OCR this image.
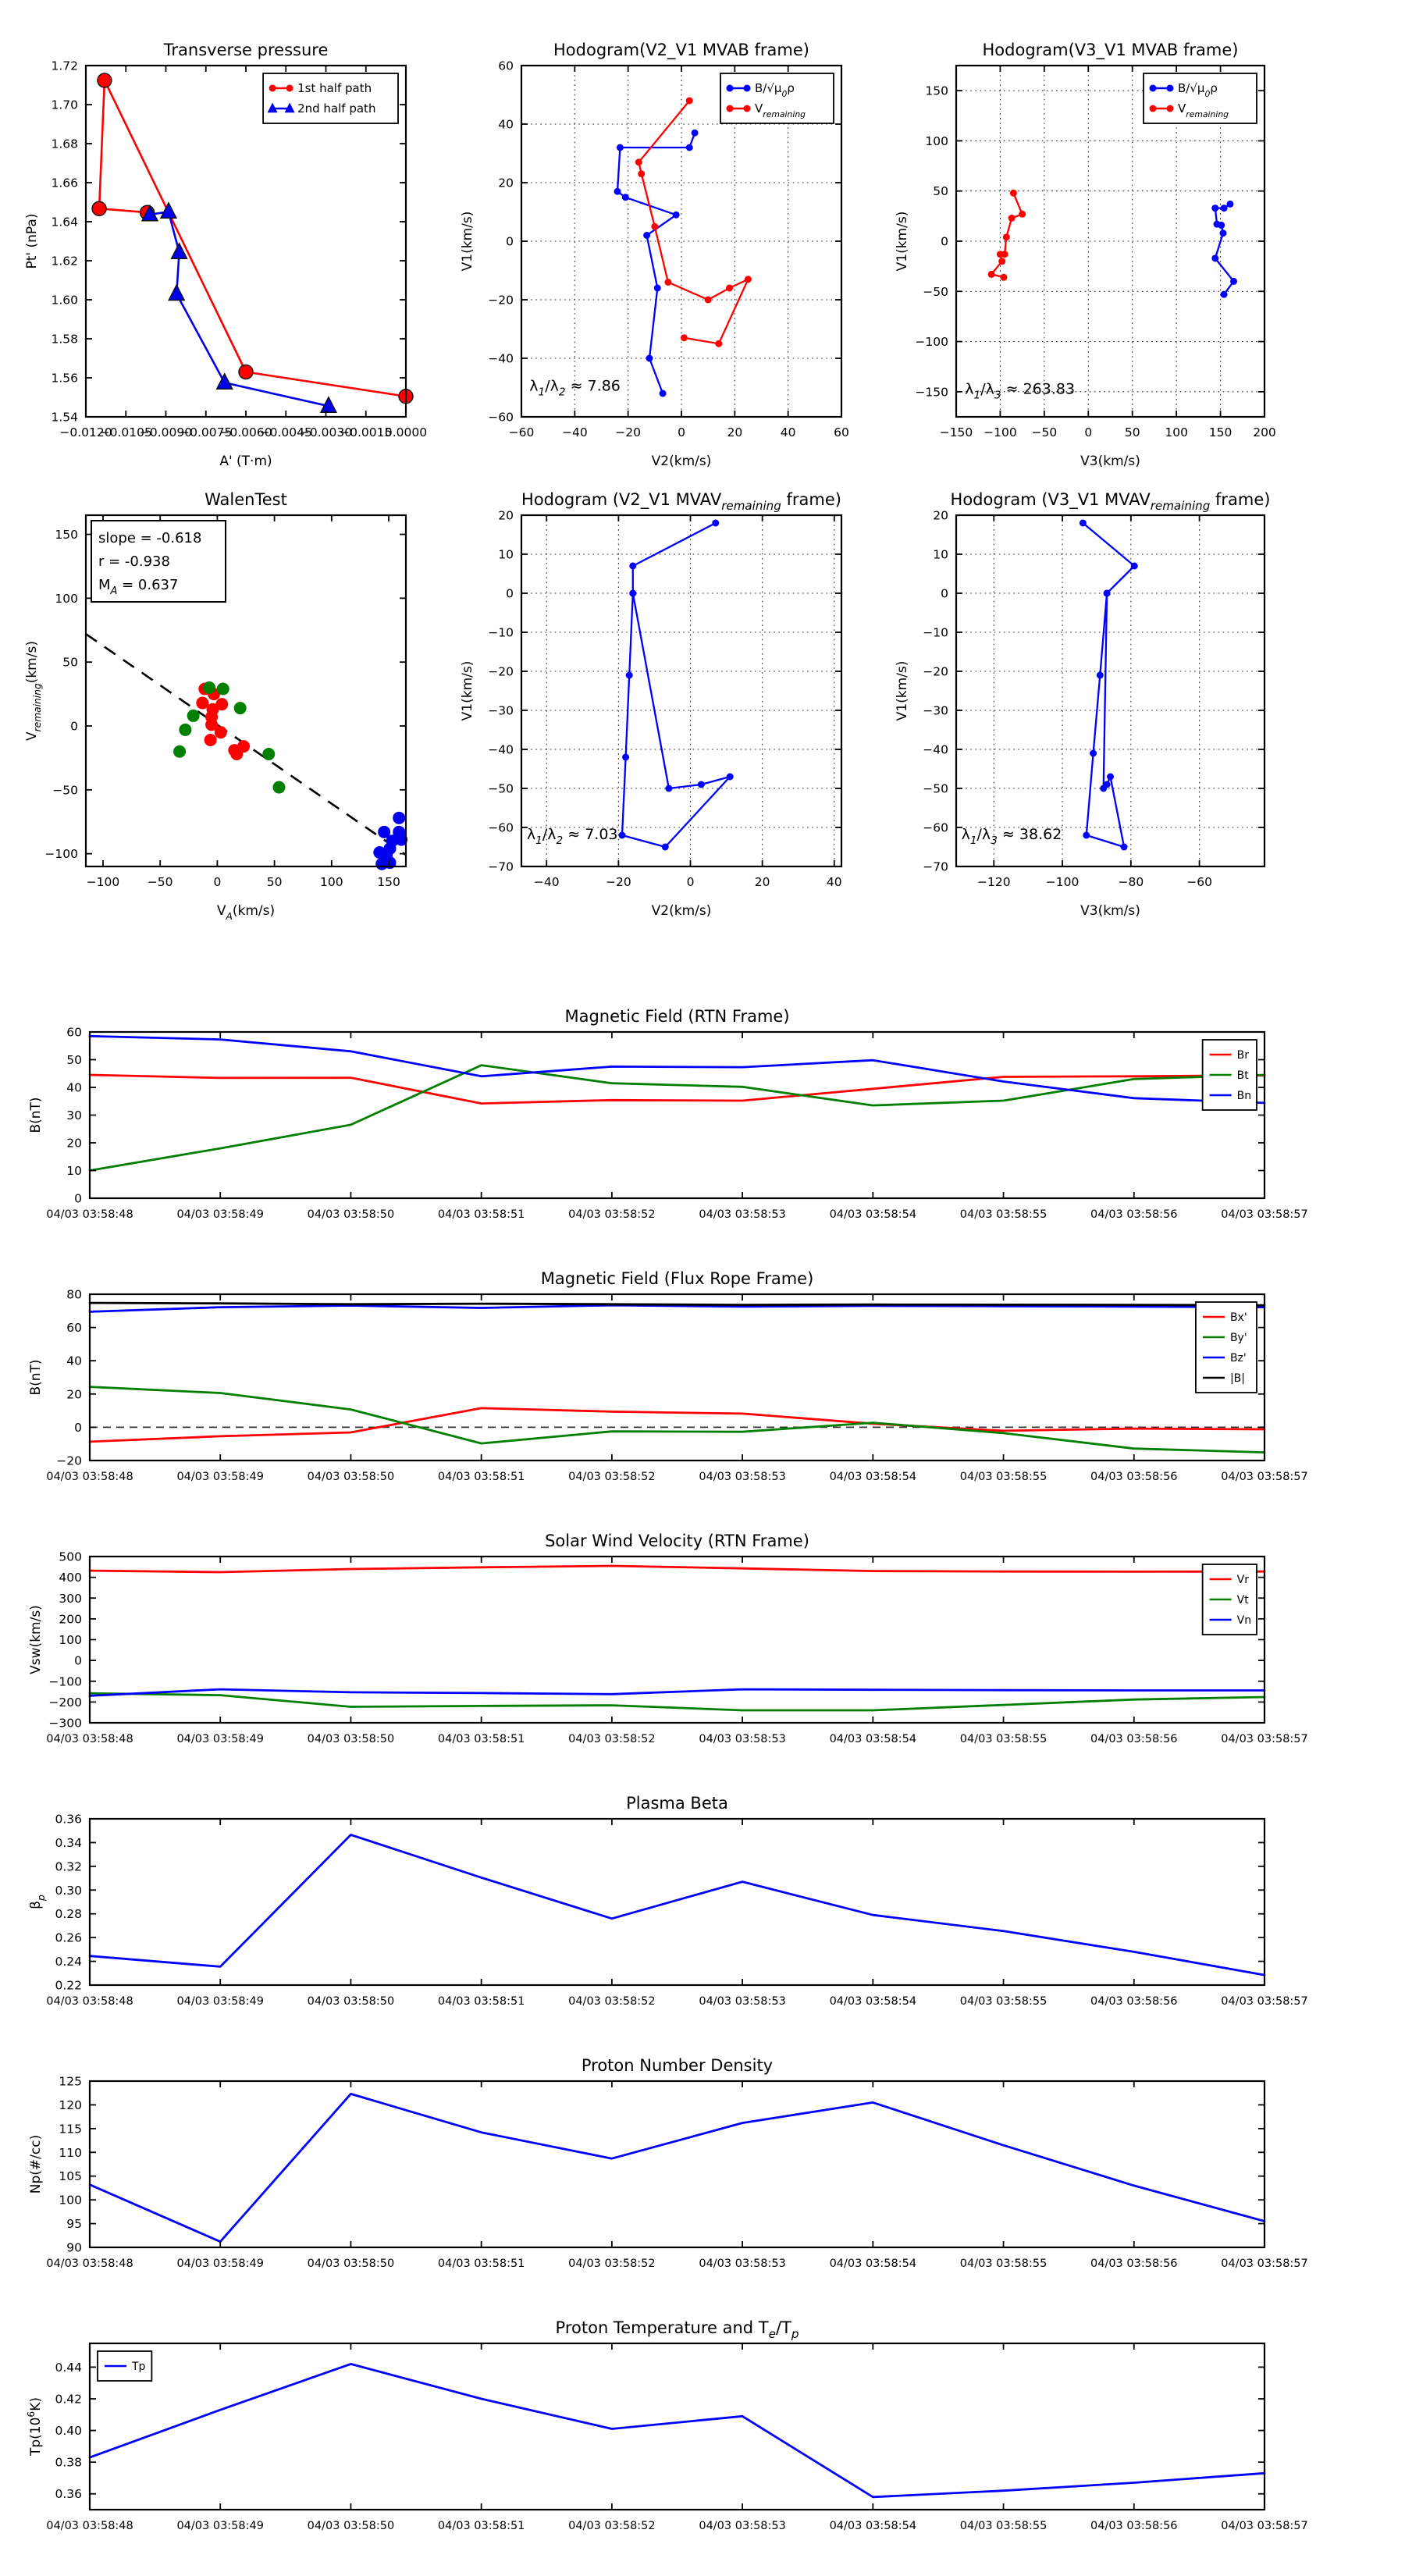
−0.0120
−0.0105
−0.0090
−0.0075
−0.0060
−0.0045
−0.0030
−0.0015
0.0000
1.54
1.56
1.58
1.60
1.62
1.64
1.66
1.68
1.70
1.72
Transverse pressure
A' (T·m)
Pt' (nPa)
1st half path
2nd half path
−60 −40 −20	0	20	40	60
−60
−40
−20
0
20
40
60
Hodogram(V2_V1 MVAB frame)
V2(km/s)
V1(km/s)
$\lambda_1/\lambda_2 \approx 7.86$
$B/√\mu_0\rho$
$V_{remaining}$
−150 −100 −50 0	50 100 150 200
−150
−100
−50
0
50
100
150
Hodogram(V3_V1 MVAB frame)
V3(km/s)
V1(km/s)
$\lambda_1/\lambda_3 \approx 263.83$
$B/√\mu_0\rho$
$V_{remaining}$
−100 −50	0	50	100	150
−100
−50
0
50
100
150
WalenTest
$V_A(km/s)$
$V_{remaining}(km/s)$
slope = -0.618
r = -0.938
$M_A = 0.637$
−40	−20	0	20	40
−70
−60
−50
−40
−30
−20
−10
0
10
20
Hodogram (V2_V1 $MVAV_{remaining}$ frame)
V2(km/s)
V1(km/s)
$\lambda_1/\lambda_2 \approx 7.03$
−120	−100	−80	−60
−70
−60
−50
−40
−30
−20
−10
0
10
20
Hodogram (V3_V1 $MVAV_{remaining}$ frame)
V3(km/s)
V1(km/s)
$\lambda_1/\lambda_3 \approx 38.62$
04/03 03:58:48	04/03 03:58:49	04/03 03:58:50	04/03 03:58:51	04/03 03:58:52	04/03 03:58:53	04/03 03:58:54	04/03 03:58:55	04/03 03:58:56	04/03 03:58:57
0
10
20
30
40
50
60
Magnetic Field (RTN Frame)
B(nT)
Br
Bt
Bn
04/03 03:58:48	04/03 03:58:49	04/03 03:58:50	04/03 03:58:51	04/03 03:58:52	04/03 03:58:53	04/03 03:58:54	04/03 03:58:55	04/03 03:58:56	04/03 03:58:57
−20
0
20
40
60
80
Magnetic Field (Flux Rope Frame)
B(nT)
Bx'
By'
Bz'
|B|
04/03 03:58:48	04/03 03:58:49	04/03 03:58:50	04/03 03:58:51	04/03 03:58:52	04/03 03:58:53	04/03 03:58:54	04/03 03:58:55	04/03 03:58:56	04/03 03:58:57
−300
−200
−100
0
100
200
300
400
500
Solar Wind Velocity (RTN Frame)
Vsw(km/s)
Vr
Vt
Vn
04/03 03:58:48	04/03 03:58:49	04/03 03:58:50	04/03 03:58:51	04/03 03:58:52	04/03 03:58:53	04/03 03:58:54	04/03 03:58:55	04/03 03:58:56	04/03 03:58:57
0.22
0.24
0.26
0.28
0.30
0.32
0.34
0.36
Plasma Beta
$\beta_p$
04/03 03:58:48	04/03 03:58:49	04/03 03:58:50	04/03 03:58:51	04/03 03:58:52	04/03 03:58:53	04/03 03:58:54	04/03 03:58:55	04/03 03:58:56	04/03 03:58:57
90
95
100
105
110
115
120
125
Proton Number Density
Np(#/cc)
04/03 03:58:48	04/03 03:58:49	04/03 03:58:50	04/03 03:58:51	04/03 03:58:52	04/03 03:58:53	04/03 03:58:54	04/03 03:58:55	04/03 03:58:56	04/03 03:58:57
0.36
0.38
0.40
0.42
0.44
Proton Temperature and $T_e/T_p$
$Tp(10^6K)$
Tp
